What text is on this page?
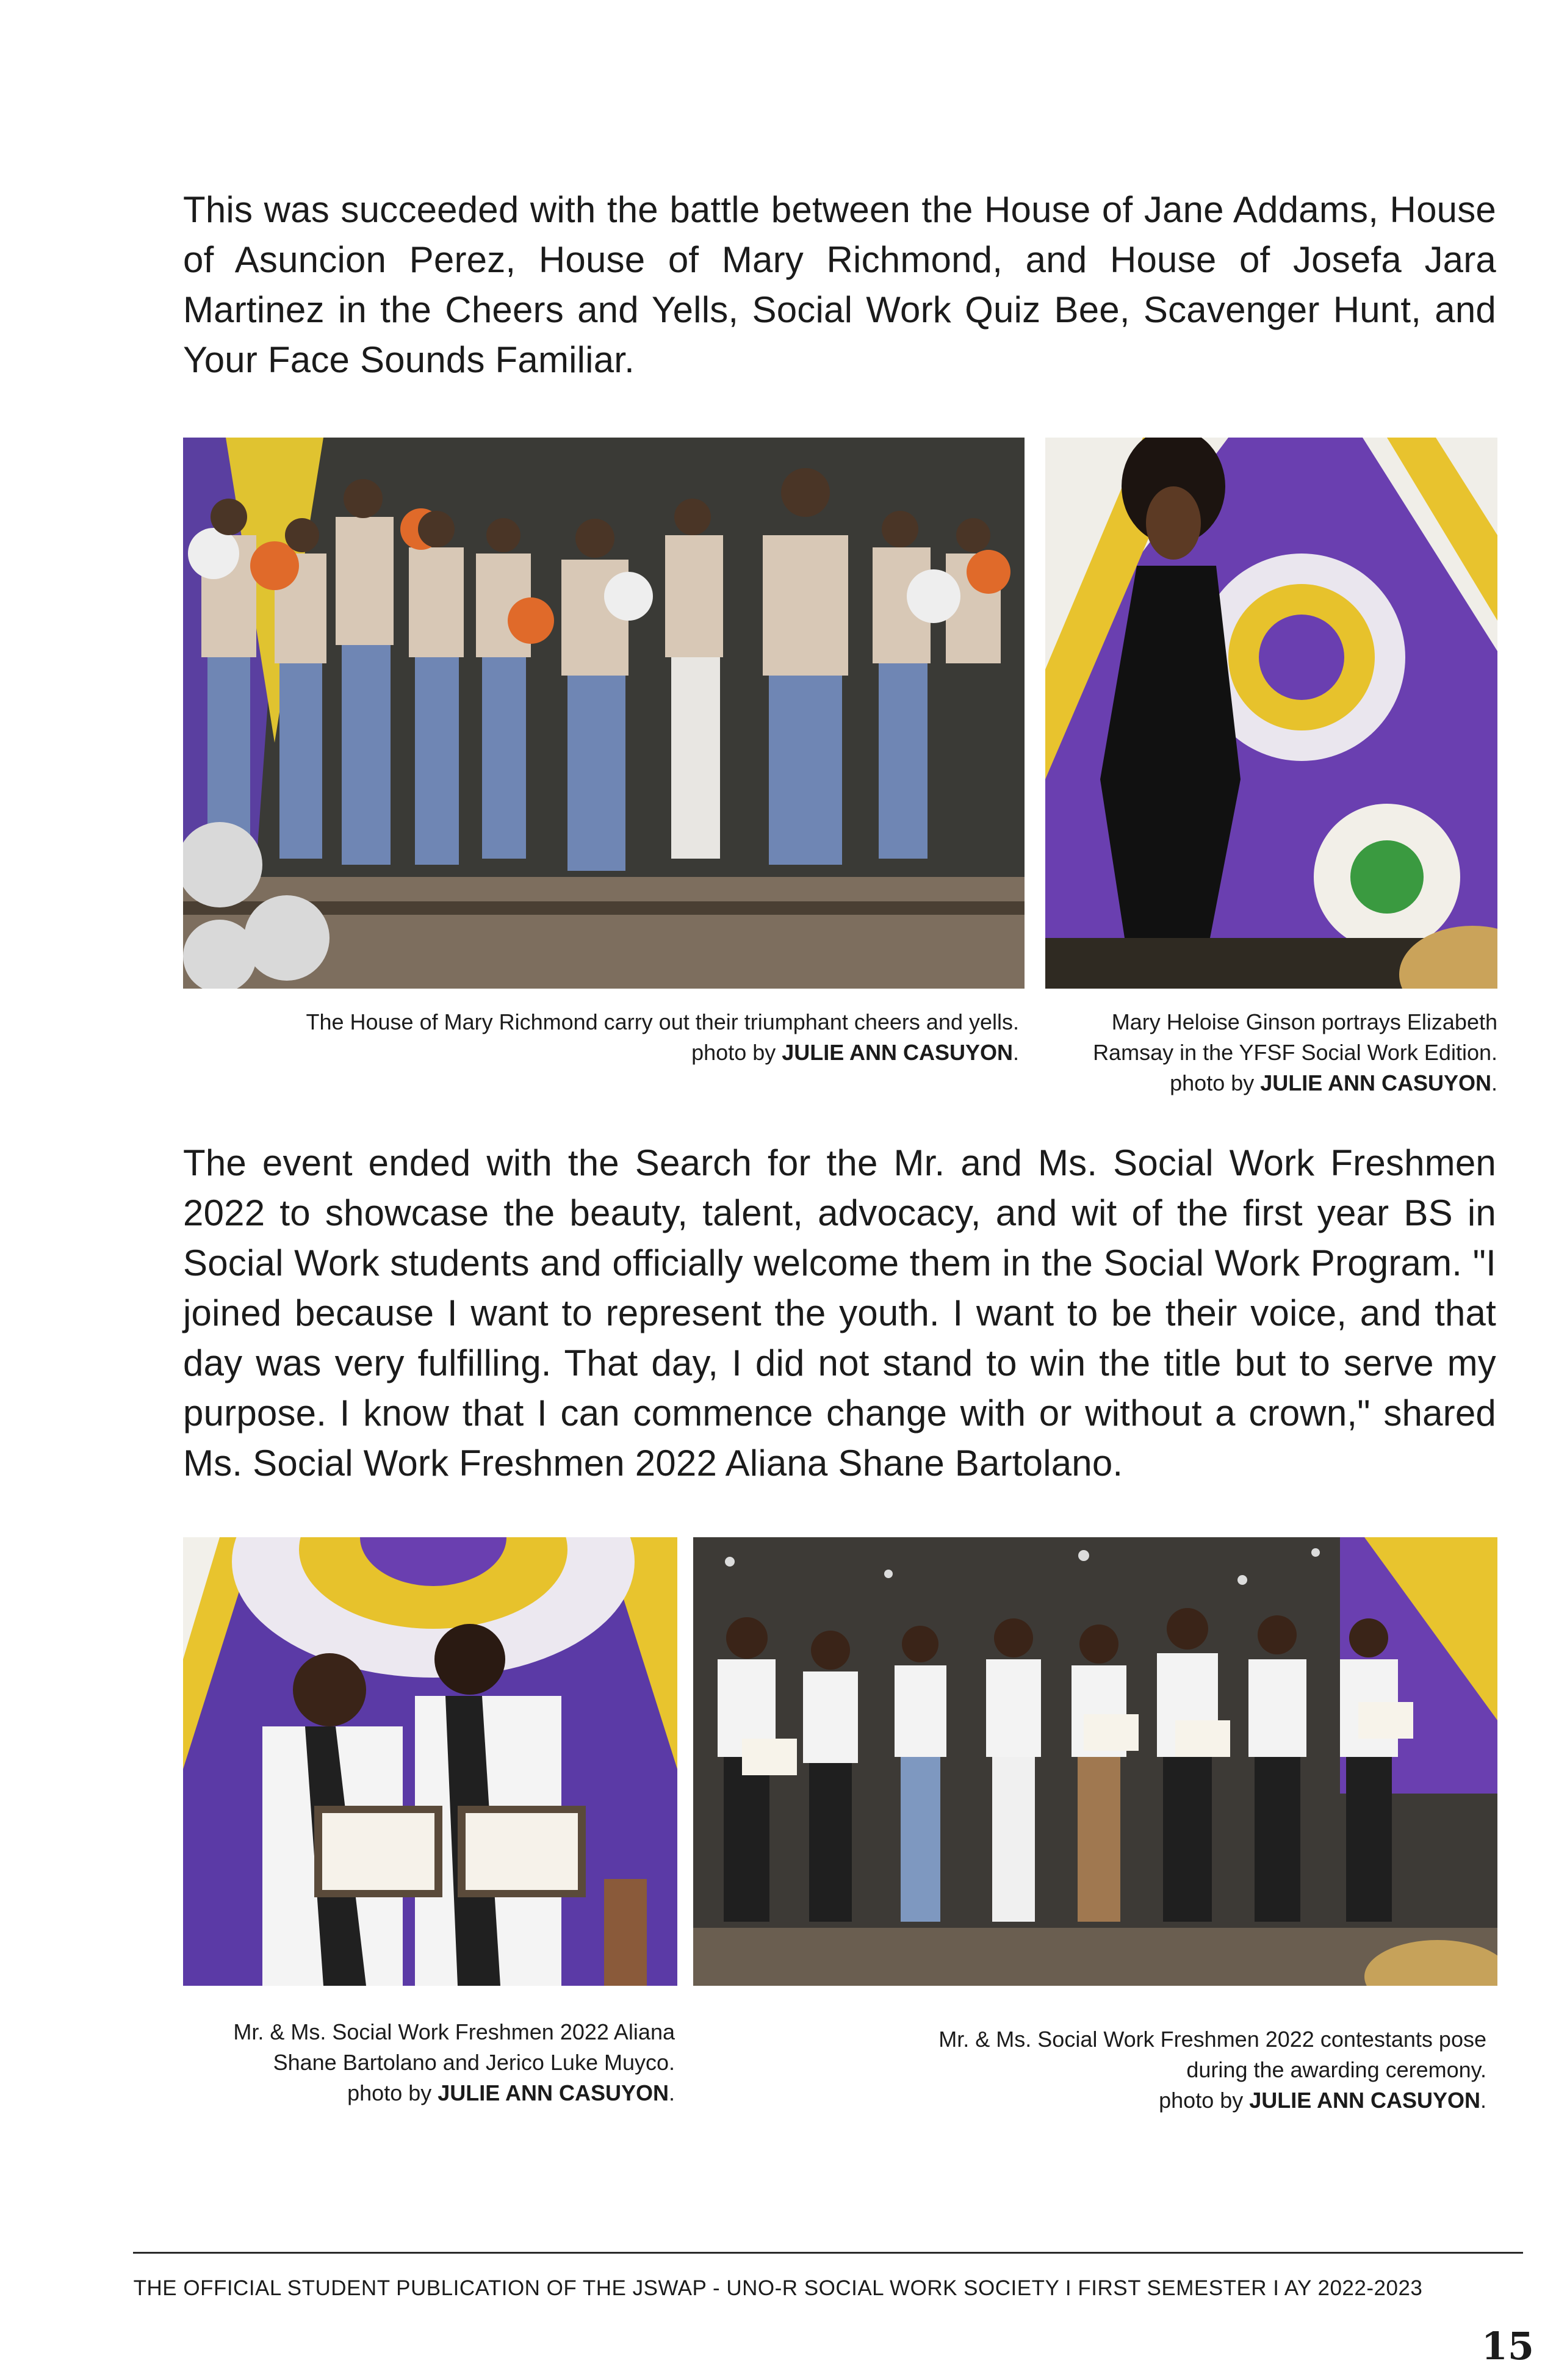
This was succeeded with the battle between the House of Jane Addams, House of Asuncion Perez, House of Mary Richmond, and House of Josefa Jara Martinez in the Cheers and Yells, Social Work Quiz Bee, Scavenger Hunt, and Your Face Sounds Familiar.

The House of Mary Richmond carry out their triumphant cheers and yells.
photo by JULIE ANN CASUYON.

Mary Heloise Ginson portrays Elizabeth Ramsay in the YFSF Social Work Edition.
photo by JULIE ANN CASUYON.

The event ended with the Search for the Mr. and Ms. Social Work Freshmen 2022 to showcase the beauty, talent, advocacy, and wit of the first year BS in Social Work students and officially welcome them in the Social Work Program. "I joined because I want to represent the youth. I want to be their voice, and that day was very fulfilling. That day, I did not stand to win the title but to serve my purpose. I know that I can commence change with or without a crown," shared Ms. Social Work Freshmen 2022 Aliana Shane Bartolano.

Mr. & Ms. Social Work Freshmen 2022 Aliana Shane Bartolano and Jerico Luke Muyco.
photo by JULIE ANN CASUYON.

Mr. & Ms. Social Work Freshmen 2022 contestants pose during the awarding ceremony.
photo by JULIE ANN CASUYON.

THE OFFICIAL STUDENT PUBLICATION OF THE JSWAP - UNO-R SOCIAL WORK SOCIETY I FIRST SEMESTER I AY 2022-2023
15
